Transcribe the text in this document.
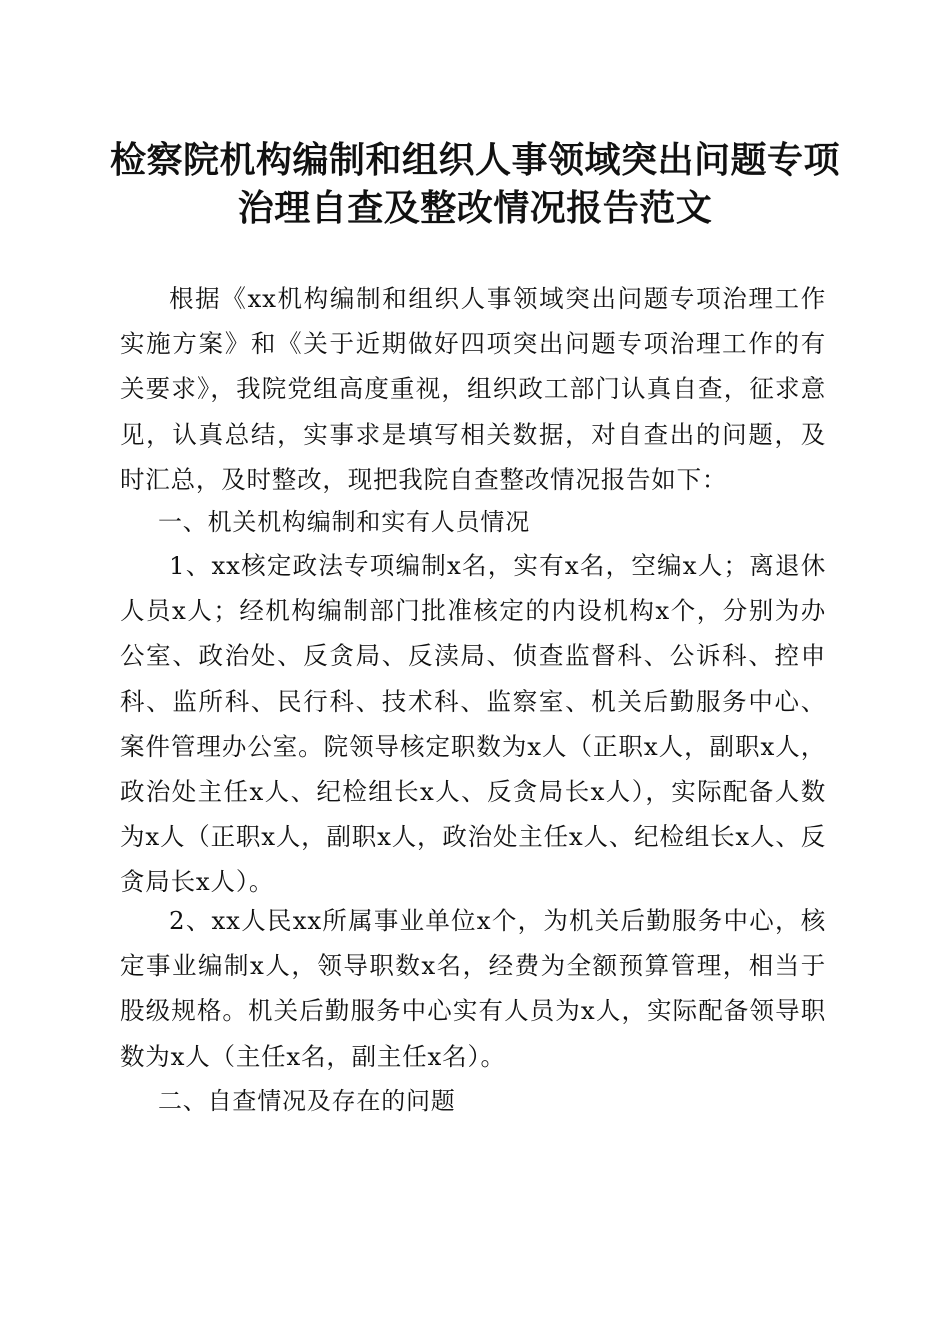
检察院机构编制和组织人事领域突出问题专项
治理自查及整改情况报告范文

根据《xx机构编制和组织人事领域突出问题专项治理工作实施方案》和《关于近期做好四项突出问题专项治理工作的有关要求》，我院党组高度重视，组织政工部门认真自查，征求意见，认真总结，实事求是填写相关数据，对自查出的问题，及时汇总，及时整改，现把我院自查整改情况报告如下：

一、机关机构编制和实有人员情况

1、xx核定政法专项编制x名，实有x名，空编x人；离退休人员x人；经机构编制部门批准核定的内设机构x个，分别为办公室、政治处、反贪局、反渎局、侦查监督科、公诉科、控申科、监所科、民行科、技术科、监察室、机关后勤服务中心、案件管理办公室。院领导核定职数为x人（正职x人，副职x人，政治处主任x人、纪检组长x人、反贪局长x人），实际配备人数为x人（正职x人，副职x人，政治处主任x人、纪检组长x人、反贪局长x人）。

2、xx人民xx所属事业单位x个，为机关后勤服务中心，核定事业编制x人，领导职数x名，经费为全额预算管理，相当于股级规格。机关后勤服务中心实有人员为x人，实际配备领导职数为x人（主任x名，副主任x名）。

二、自查情况及存在的问题
